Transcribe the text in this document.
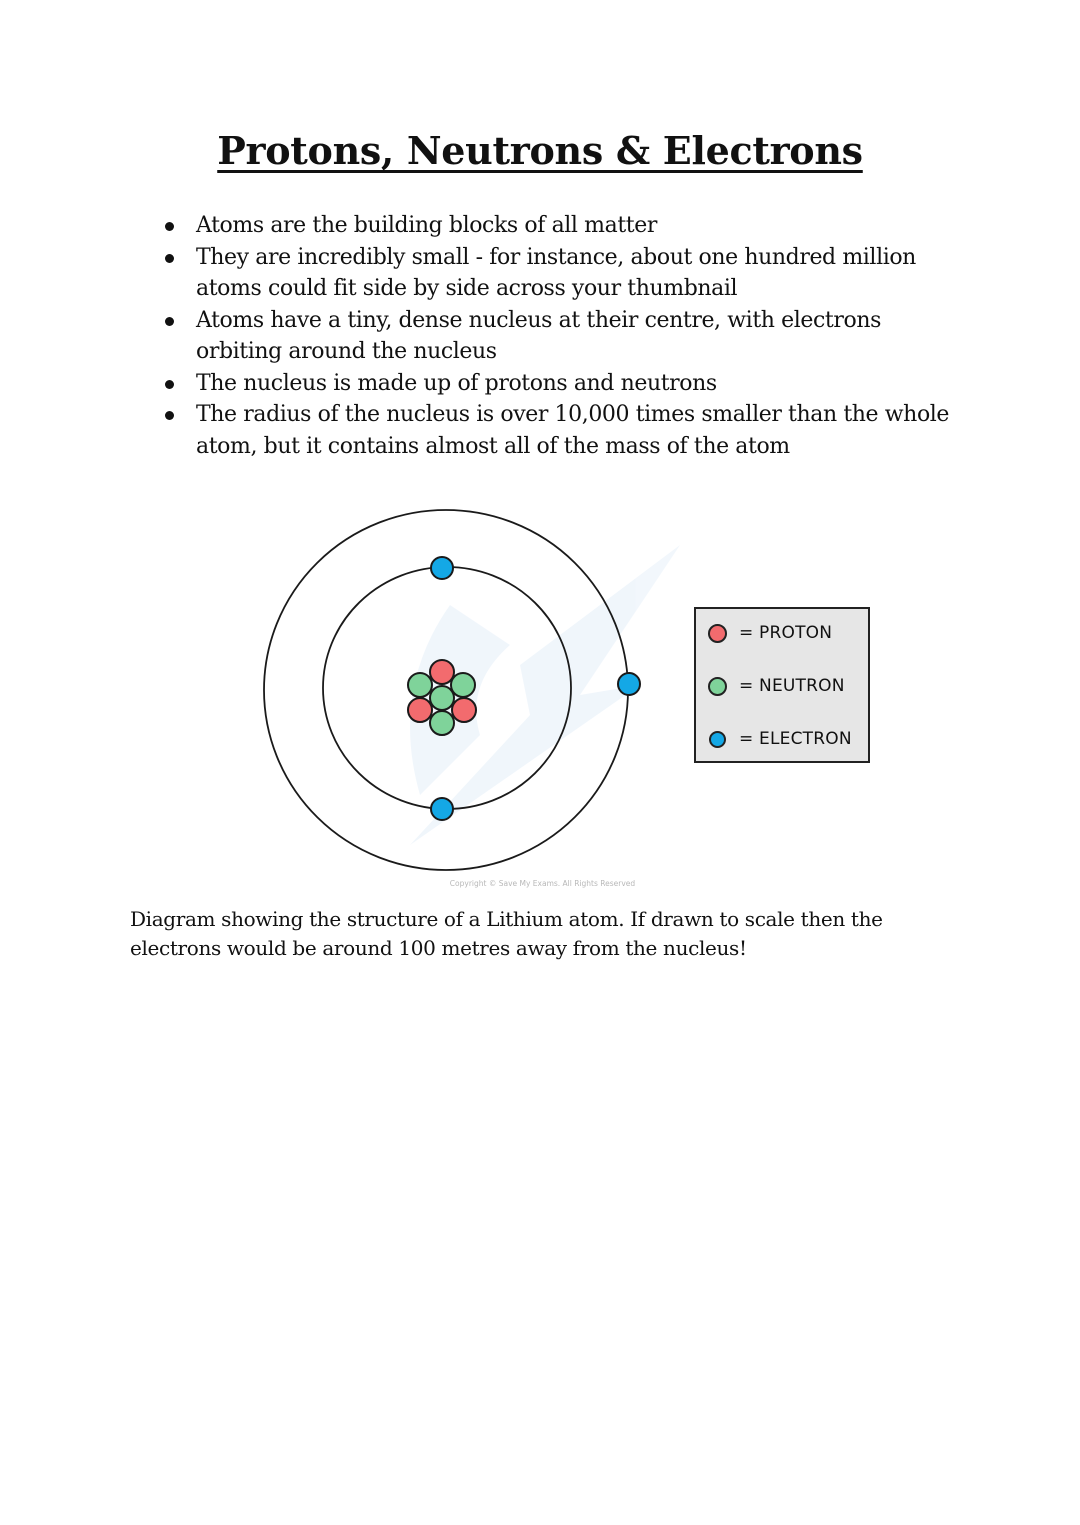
Protons, Neutrons & Electrons
Atoms are the building blocks of all matter
They are incredibly small - for instance, about one hundred million atoms could fit side by side across your thumbnail
Atoms have a tiny, dense nucleus at their centre, with electrons orbiting around the nucleus
The nucleus is made up of protons and neutrons
The radius of the nucleus is over 10,000 times smaller than the whole atom, but it contains almost all of the mass of the atom
= PROTON
= NEUTRON
= ELECTRON
Copyright © Save My Exams. All Rights Reserved

Diagram showing the structure of a Lithium atom. If drawn to scale then the electrons would be around 100 metres away from the nucleus!
